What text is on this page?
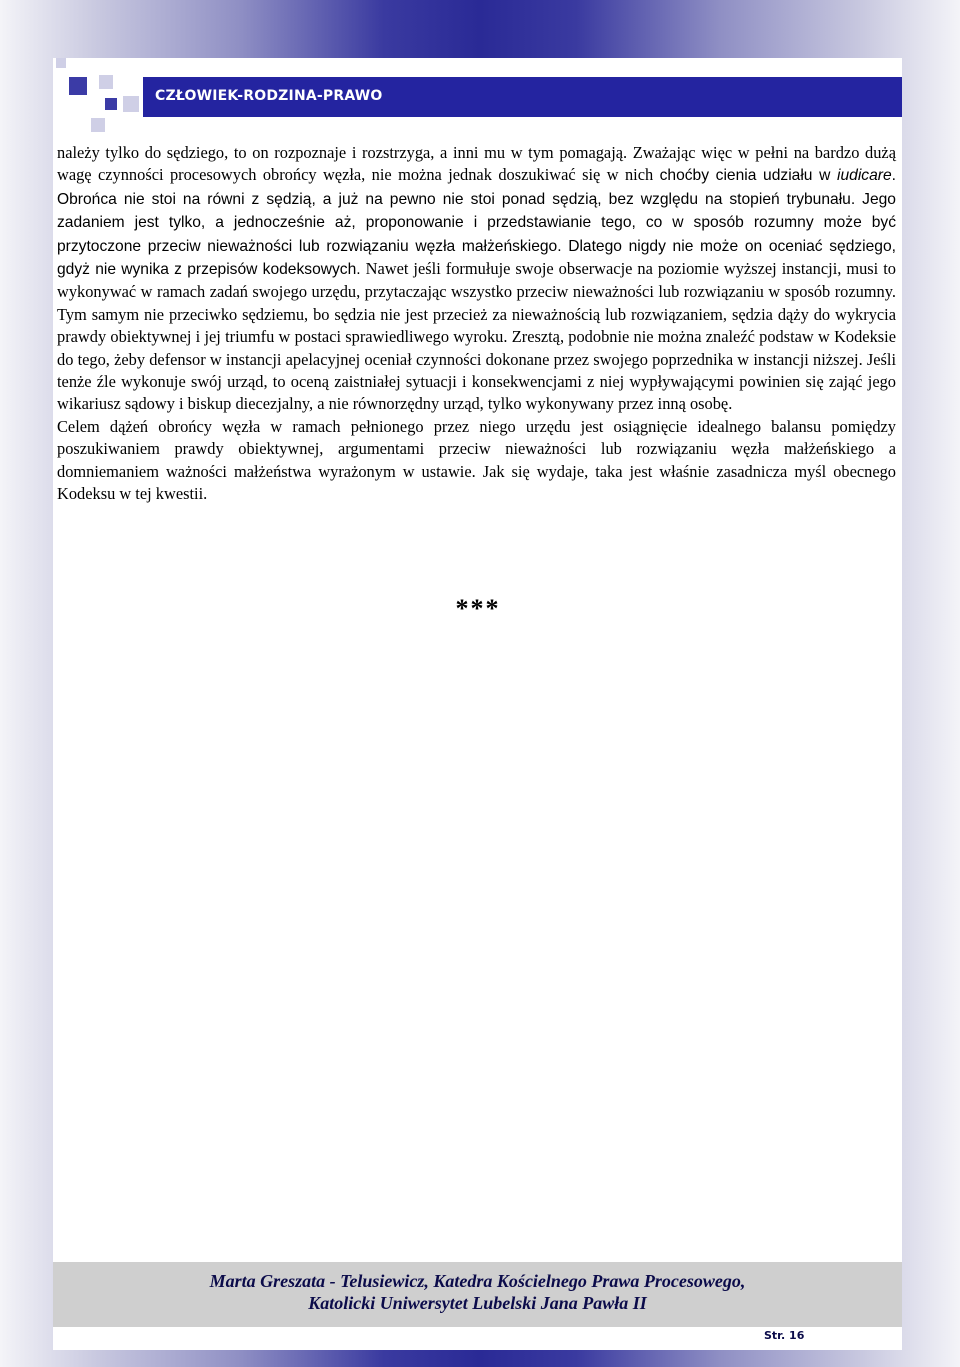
CZŁOWIEK-RODZINA-PRAWO

należy tylko do sędziego, to on rozpoznaje i rozstrzyga, a inni mu w tym pomagają. Zważając więc w pełni na bardzo dużą wagę czynności procesowych obrońcy węzła, nie można jednak doszukiwać się w nich choćby cienia udziału w iudicare. Obrońca nie stoi na równi z sędzią, a już na pewno nie stoi ponad sędzią, bez względu na stopień trybunału. Jego zadaniem jest tylko, a jednocześnie aż, proponowanie i przedstawianie tego, co w sposób rozumny może być przytoczone przeciw nieważności lub rozwiązaniu węzła małżeńskiego. Dlatego nigdy nie może on oceniać sędziego, gdyż nie wynika z przepisów kodeksowych. Nawet jeśli formułuje swoje obserwacje na poziomie wyższej instancji, musi to wykonywać w ramach zadań swojego urzędu, przytaczając wszystko przeciw nieważności lub rozwiązaniu w sposób rozumny. Tym samym nie przeciwko sędziemu, bo sędzia nie jest przecież za nieważnością lub rozwiązaniem, sędzia dąży do wykrycia prawdy obiektywnej i jej triumfu w postaci sprawiedliwego wyroku. Zresztą, podobnie nie można znaleźć podstaw w Kodeksie do tego, żeby defensor w instancji apelacyjnej oceniał czynności dokonane przez swojego poprzednika w instancji niższej. Jeśli tenże źle wykonuje swój urząd, to oceną zaistniałej sytuacji i konsekwencjami z niej wypływającymi powinien się zająć jego wikariusz sądowy i biskup diecezjalny, a nie równorzędny urząd, tylko wykonywany przez inną osobę.

Celem dążeń obrońcy węzła w ramach pełnionego przez niego urzędu jest osiągnięcie idealnego balansu pomiędzy poszukiwaniem prawdy obiektywnej, argumentami przeciw nieważności lub rozwiązaniu węzła małżeńskiego a domniemaniem ważności małżeństwa wyrażonym w ustawie. Jak się wydaje, taka jest właśnie zasadnicza myśl obecnego Kodeksu w tej kwestii.

***
Marta Greszata - Telusiewicz, Katedra Kościelnego Prawa Procesowego,
Katolicki Uniwersytet Lubelski Jana Pawła II
Str. 16
